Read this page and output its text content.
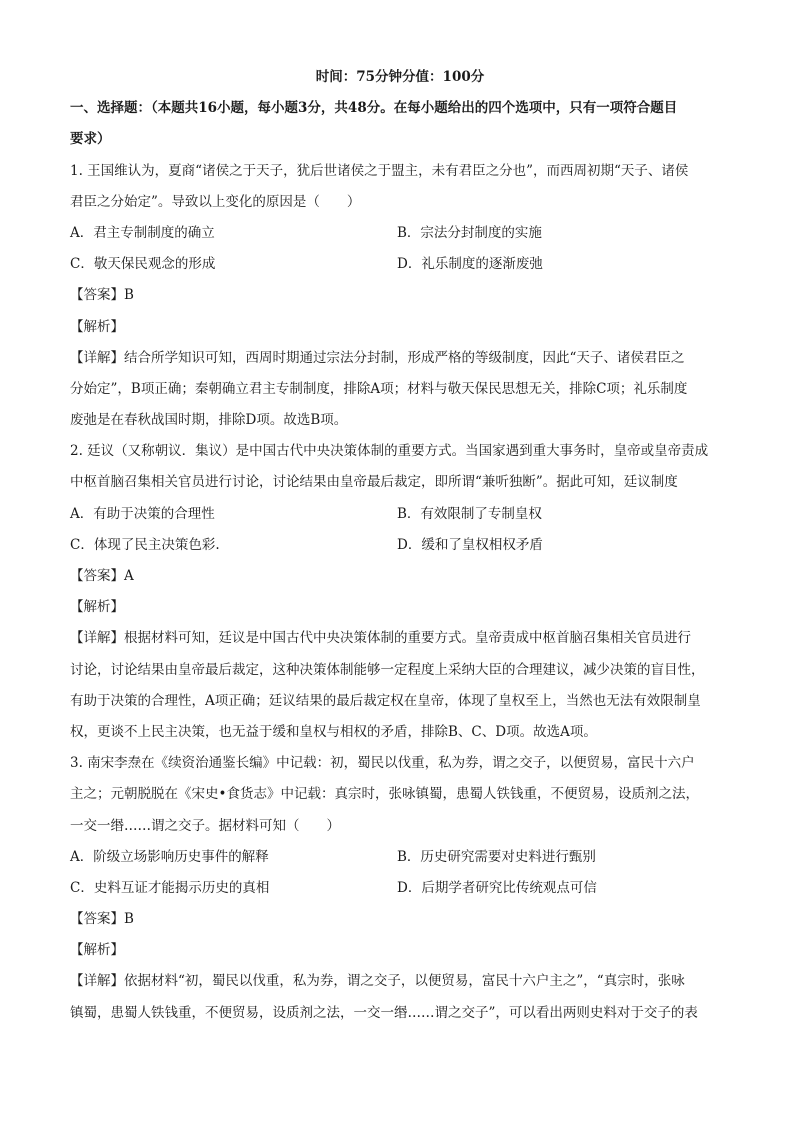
时间：75分钟分值：100分
一、选择题：（本题共16小题，每小题3分，共48分。在每小题给出的四个选项中，只有一项符合题目
要求）
1. 王国维认为，夏商“诸侯之于天子，犹后世诸侯之于盟主，未有君臣之分也”，而西周初期“天子、诸侯
君臣之分始定”。导致以上变化的原因是（　　）
A．君主专制制度的确立	B．宗法分封制度的实施
C．敬天保民观念的形成	D．礼乐制度的逐渐废弛
【答案】B
【解析】
【详解】结合所学知识可知，西周时期通过宗法分封制，形成严格的等级制度，因此“天子、诸侯君臣之
分始定”，B项正确；秦朝确立君主专制制度，排除A项；材料与敬天保民思想无关，排除C项；礼乐制度
废弛是在春秋战国时期，排除D项。故选B项。
2. 廷议（又称朝议．集议）是中国古代中央决策体制的重要方式。当国家遇到重大事务时，皇帝或皇帝责成
中枢首脑召集相关官员进行讨论，讨论结果由皇帝最后裁定，即所谓“兼听独断”。据此可知，廷议制度
A．有助于决策的合理性	B．有效限制了专制皇权
C．体现了民主决策色彩.	D．缓和了皇权相权矛盾
【答案】A
【解析】
【详解】根据材料可知，廷议是中国古代中央决策体制的重要方式。皇帝责成中枢首脑召集相关官员进行
讨论，讨论结果由皇帝最后裁定，这种决策体制能够一定程度上采纳大臣的合理建议，减少决策的盲目性，
有助于决策的合理性，A项正确；廷议结果的最后裁定权在皇帝，体现了皇权至上，当然也无法有效限制皇
权，更谈不上民主决策，也无益于缓和皇权与相权的矛盾，排除B、C、D项。故选A项。
3. 南宋李焘在《续资治通鉴长编》中记载：初，蜀民以伐重，私为券，谓之交子，以便贸易，富民十六户
主之；元朝脱脱在《宋史•食货志》中记载：真宗时，张咏镇蜀，患蜀人铁钱重，不便贸易，设质剂之法，
一交一缗……谓之交子。据材料可知（　　）
A．阶级立场影响历史事件的解释	B．历史研究需要对史料进行甄别
C．史料互证才能揭示历史的真相	D．后期学者研究比传统观点可信
【答案】B
【解析】
【详解】依据材料“初，蜀民以伐重，私为券，谓之交子，以便贸易，富民十六户主之”，“真宗时，张咏
镇蜀，患蜀人铁钱重，不便贸易，设质剂之法，一交一缗……谓之交子”，可以看出两则史料对于交子的表
